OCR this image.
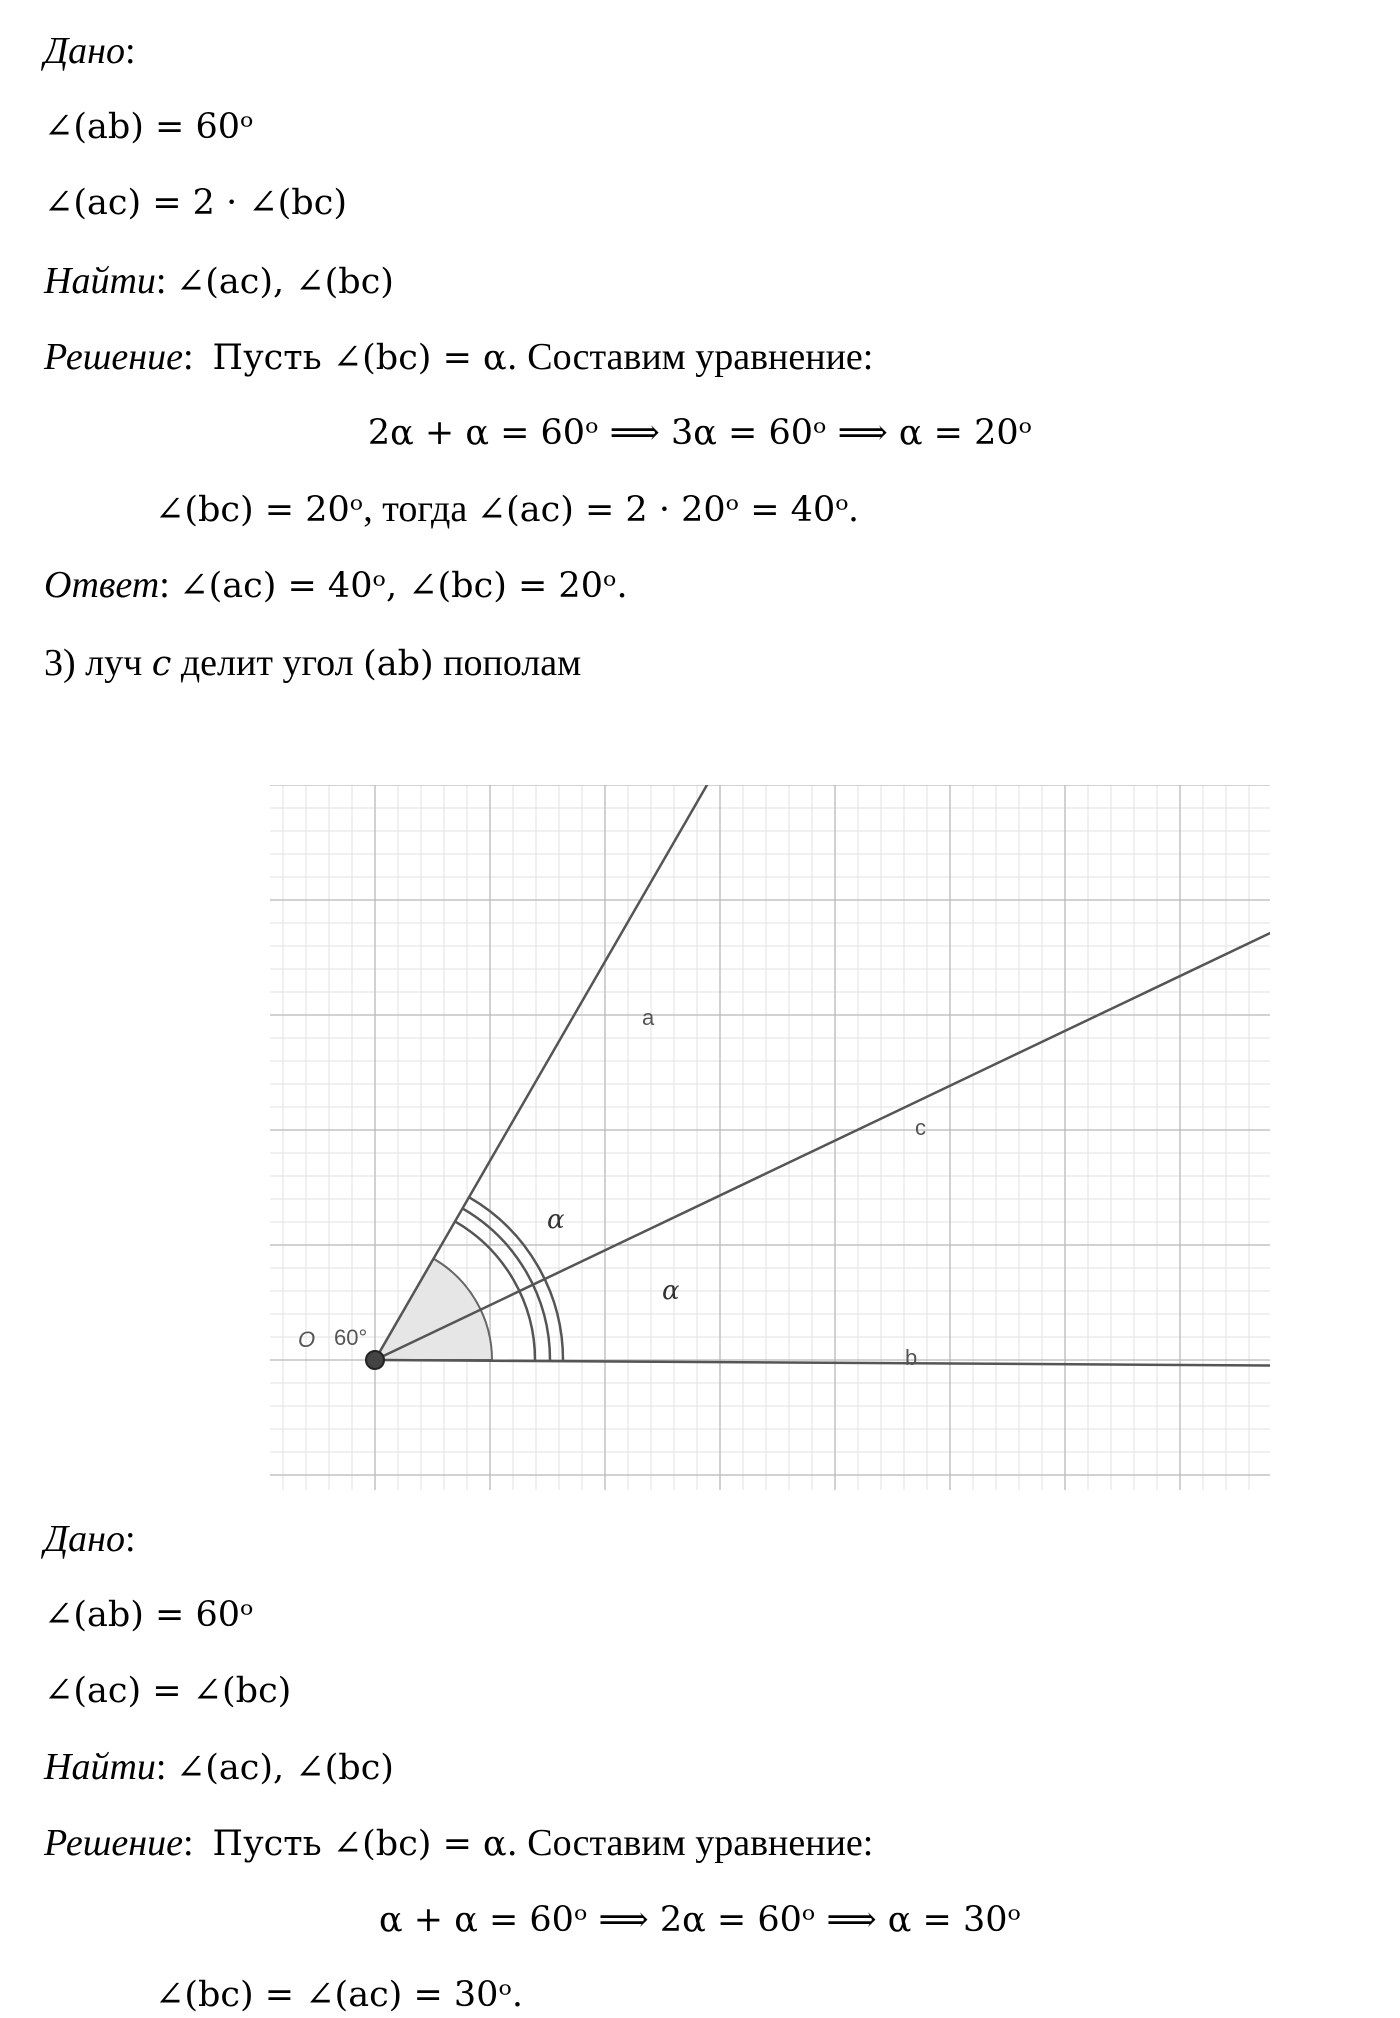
Дано:
∠(ab) = 60ᵒ
∠(ac) = 2 · ∠(bc)
Найти: ∠(ac), ∠(bc)
Решение:  Пусть ∠(bc) = α. Составим уравнение:
2α + α = 60ᵒ ⟹ 3α = 60ᵒ ⟹ α = 20ᵒ
∠(bc) = 20ᵒ, тогда ∠(ac) = 2 · 20ᵒ = 40ᵒ.
Ответ: ∠(ac) = 40ᵒ, ∠(bc) = 20ᵒ.
3) луч c делит угол (ab) пополам
a
c
b
α
α
O 60°
Дано:
∠(ab) = 60ᵒ
∠(ac) = ∠(bc)
Найти: ∠(ac), ∠(bc)
Решение:  Пусть ∠(bc) = α. Составим уравнение:
α + α = 60ᵒ ⟹ 2α = 60ᵒ ⟹ α = 30ᵒ
∠(bc) = ∠(ac) = 30ᵒ.
